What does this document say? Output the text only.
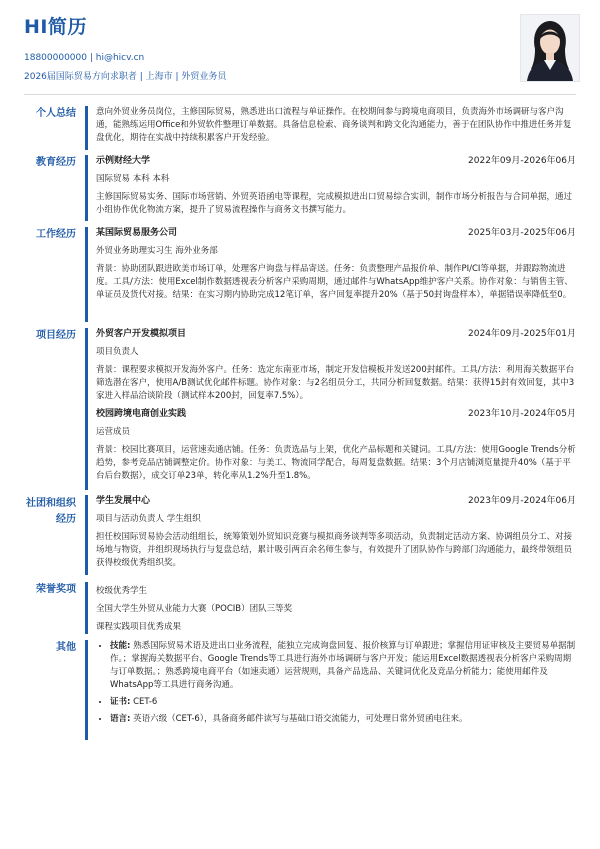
HI简历
18800000000 | hi@hicv.cn
2026届国际贸易方向求职者 | 上海市 | 外贸业务员
个人总结 意向外贸业务员岗位，主修国际贸易，熟悉进出口流程与单证操作。在校期间参与跨境电商项目，负责海外市场调研与客户沟通，能熟练运用Office和外贸软件整理订单数据。具备信息检索、商务谈判和跨文化沟通能力，善于在团队协作中推进任务并复盘优化，期待在实战中持续积累客户开发经验。
教育经历 示例财经大学	2022年09月-2026年06月
国际贸易 本科 本科
主修国际贸易实务、国际市场营销、外贸英语函电等课程，完成模拟进出口贸易综合实训，制作市场分析报告与合同单据，通过小组协作优化物流方案，提升了贸易流程操作与商务文书撰写能力。
工作经历 某国际贸易服务公司	2025年03月-2025年06月
外贸业务助理实习生 海外业务部
背景：协助团队跟进欧美市场订单，处理客户询盘与样品寄送。任务：负责整理产品报价单、制作PI/CI等单据，并跟踪物流进度。工具/方法：使用Excel制作数据透视表分析客户采购周期，通过邮件与WhatsApp维护客户关系。协作对象：与销售主管、单证员及货代对接。结果：在实习期内协助完成12笔订单，客户回复率提升20%（基于50封询盘样本），单据错误率降低至0。
项目经历 外贸客户开发模拟项目	2024年09月-2025年01月
项目负责人
背景：课程要求模拟开发海外客户。任务：选定东南亚市场，制定开发信模板并发送200封邮件。工具/方法：利用海关数据平台筛选潜在客户，使用A/B测试优化邮件标题。协作对象：与2名组员分工，共同分析回复数据。结果：获得15封有效回复，其中3家进入样品洽谈阶段（测试样本200封，回复率7.5%）。
校园跨境电商创业实践	2023年10月-2024年05月
运营成员
背景：校园比赛项目，运营速卖通店铺。任务：负责选品与上架，优化产品标题和关键词。工具/方法：使用Google Trends分析趋势，参考竞品店铺调整定价。协作对象：与美工、物流同学配合，每周复盘数据。结果：3个月店铺浏览量提升40%（基于平台后台数据），成交订单23单，转化率从1.2%升至1.8%。
社团和组织经历
学生发展中心	2023年09月-2024年06月
项目与活动负责人 学生组织
担任校国际贸易协会活动组组长，统筹策划外贸知识竞赛与模拟商务谈判等多项活动，负责制定活动方案、协调组员分工、对接场地与物资，并组织现场执行与复盘总结，累计吸引两百余名师生参与，有效提升了团队协作与跨部门沟通能力，最终带领组员获得校级优秀组织奖。
荣誉奖项 校级优秀学生
全国大学生外贸从业能力大赛（POCIB）团队三等奖
课程实践项目优秀成果
其他
•	技能: 熟悉国际贸易术语及进出口业务流程，能独立完成询盘回复、报价核算与订单跟进；掌握信用证审核及主要贸易单据制作。；掌握海关数据平台、Google Trends等工具进行海外市场调研与客户开发；能运用Excel数据透视表分析客户采购周期与订单数据。；熟悉跨境电商平台（如速卖通）运营规则，具备产品选品、关键词优化及竞品分析能力；能使用邮件及WhatsApp等工具进行商务沟通。
• 证书: CET-6
• 语言: 英语六级（CET-6），具备商务邮件读写与基础口语交流能力，可处理日常外贸函电往来。
